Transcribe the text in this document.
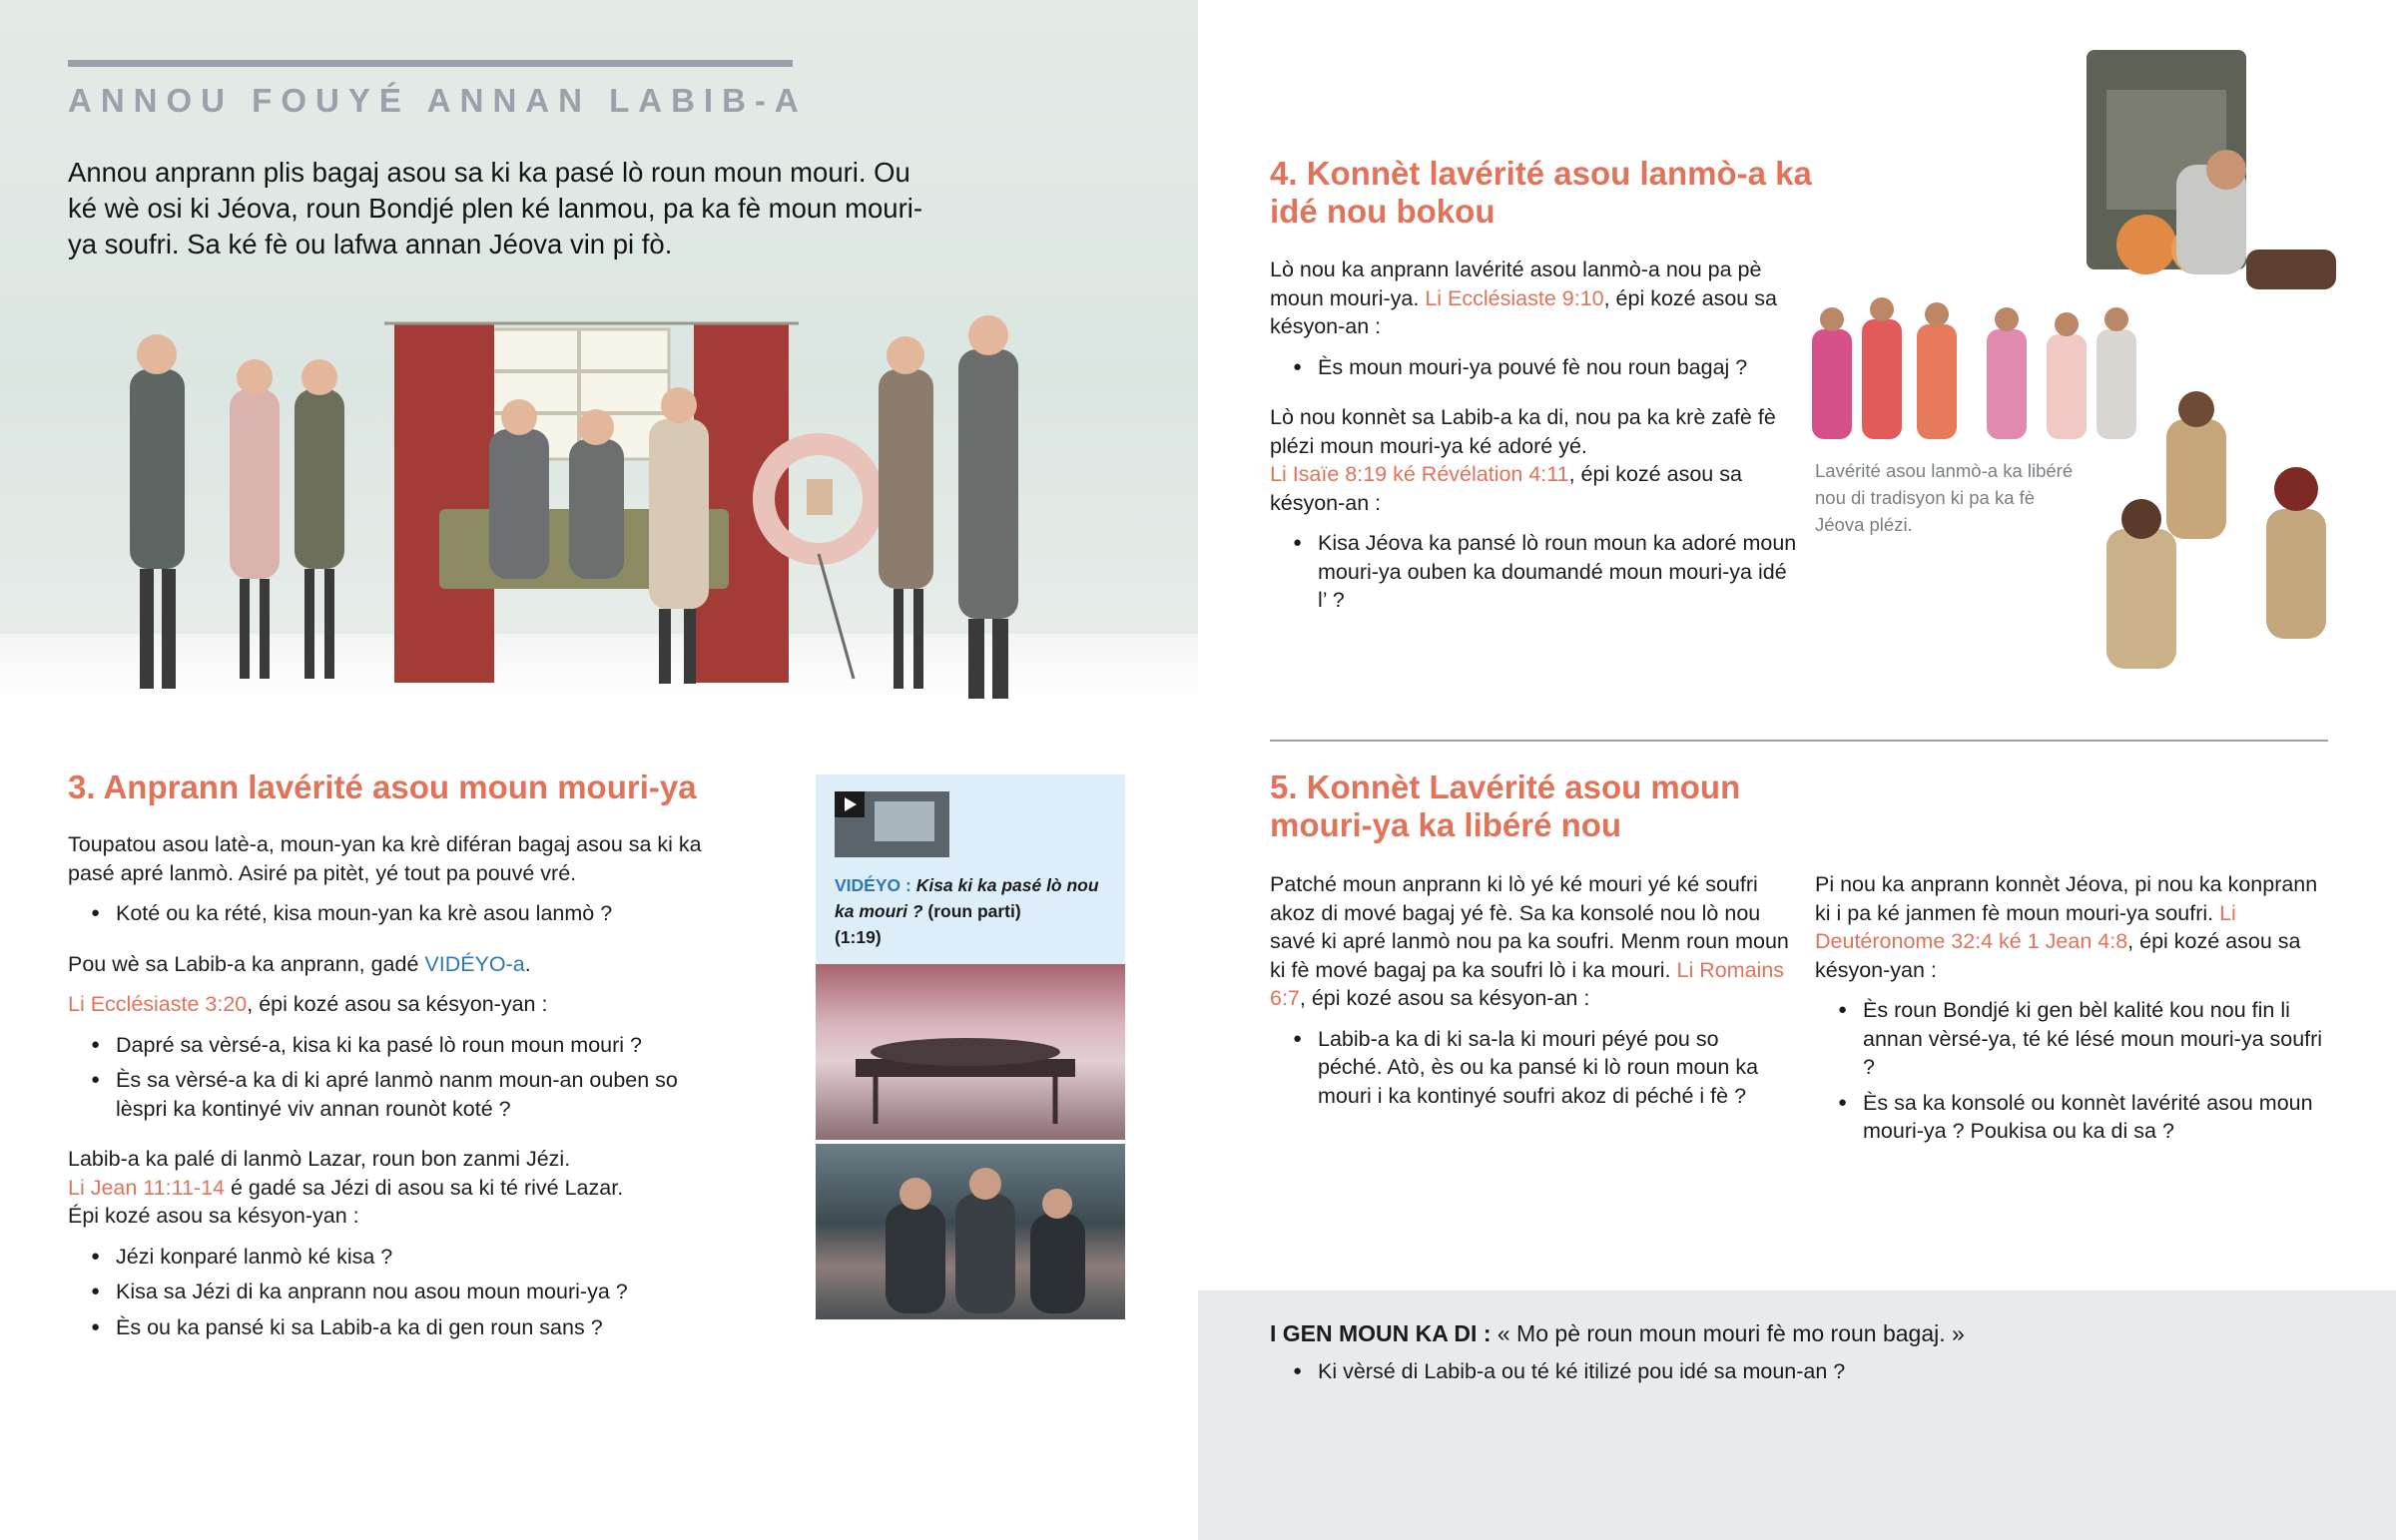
ANNOU FOUYÉ ANNAN LABIB-A
Annou anprann plis bagaj asou sa ki ka pasé lò roun moun mouri. Ou ké wè osi ki Jéova, roun Bondjé plen ké lanmou, pa ka fè moun mouri-ya soufri. Sa ké fè ou lafwa annan Jéova vin pi fò.
3. Anprann lavérité asou moun mouri-ya

Toupatou asou latè-a, moun-yan ka krè diféran bagaj asou sa ki ka pasé apré lanmò. Asiré pa pitèt, yé tout pa pouvé vré.

● Koté ou ka rété, kisa moun-yan ka krè asou lanmò ?

Pou wè sa Labib-a ka anprann, gadé VIDÉYO-a.

Li Ecclésiaste 3:20, épi kozé asou sa késyon-yan :

● Dapré sa vèrsé-a, kisa ki ka pasé lò roun moun mouri ?
● Ès sa vèrsé-a ka di ki apré lanmò nanm moun-an ouben so lèspri ka kontinyé viv annan rounòt koté ?

Labib-a ka palé di lanmò Lazar, roun bon zanmi Jézi.
Li Jean 11:11-14 é gadé sa Jézi di asou sa ki té rivé Lazar.
Épi kozé asou sa késyon-yan :

● Jézi konparé lanmò ké kisa ?
● Kisa sa Jézi di ka anprann nou asou moun mouri-ya ?
● Ès ou ka pansé ki sa Labib-a ka di gen roun sans ?
VIDÉYO : Kisa ki ka pasé lò nou ka mouri ? (roun parti)
(1:19)
4. Konnèt lavérité asou lanmò-a ka idé nou bokou

Lò nou ka anprann lavérité asou lanmò-a nou pa pè moun mouri-ya. Li Ecclésiaste 9:10, épi kozé asou sa késyon-an :

● Ès moun mouri-ya pouvé fè nou roun bagaj ?

Lò nou konnèt sa Labib-a ka di, nou pa ka krè zafè fè plézi moun mouri-ya ké adoré yé.
Li Isaïe 8:19 ké Révélation 4:11, épi kozé asou sa késyon-an :

● Kisa Jéova ka pansé lò roun moun ka adoré moun mouri-ya ouben ka doumandé moun mouri-ya idé l’ ?
Lavérité asou lanmò-a ka libéré nou di tradisyon ki pa ka fè Jéova plézi.
5. Konnèt Lavérité asou moun mouri-ya ka libéré nou

Patché moun anprann ki lò yé ké mouri yé ké soufri akoz di mové bagaj yé fè. Sa ka konsolé nou lò nou savé ki apré lanmò nou pa ka soufri. Menm roun moun ki fè mové bagaj pa ka soufri lò i ka mouri. Li Romains 6:7, épi kozé asou sa késyon-an :

● Labib-a ka di ki sa-la ki mouri péyé pou so péché. Atò, ès ou ka pansé ki lò roun moun ka mouri i ka kontinyé soufri akoz di péché i fè ?

Pi nou ka anprann konnèt Jéova, pi nou ka konprann ki i pa ké janmen fè moun mouri-ya soufri. Li Deutéronome 32:4 ké 1 Jean 4:8, épi kozé asou sa késyon-yan :

● Ès roun Bondjé ki gen bèl kalité kou nou fin li annan vèrsé-ya, té ké lésé moun mouri-ya soufri ?
● Ès sa ka konsolé ou konnèt lavérité asou moun mouri-ya ? Poukisa ou ka di sa ?
I GEN MOUN KA DI : « Mo pè roun moun mouri fè mo roun bagaj. »
● Ki vèrsé di Labib-a ou té ké itilizé pou idé sa moun-an ?
